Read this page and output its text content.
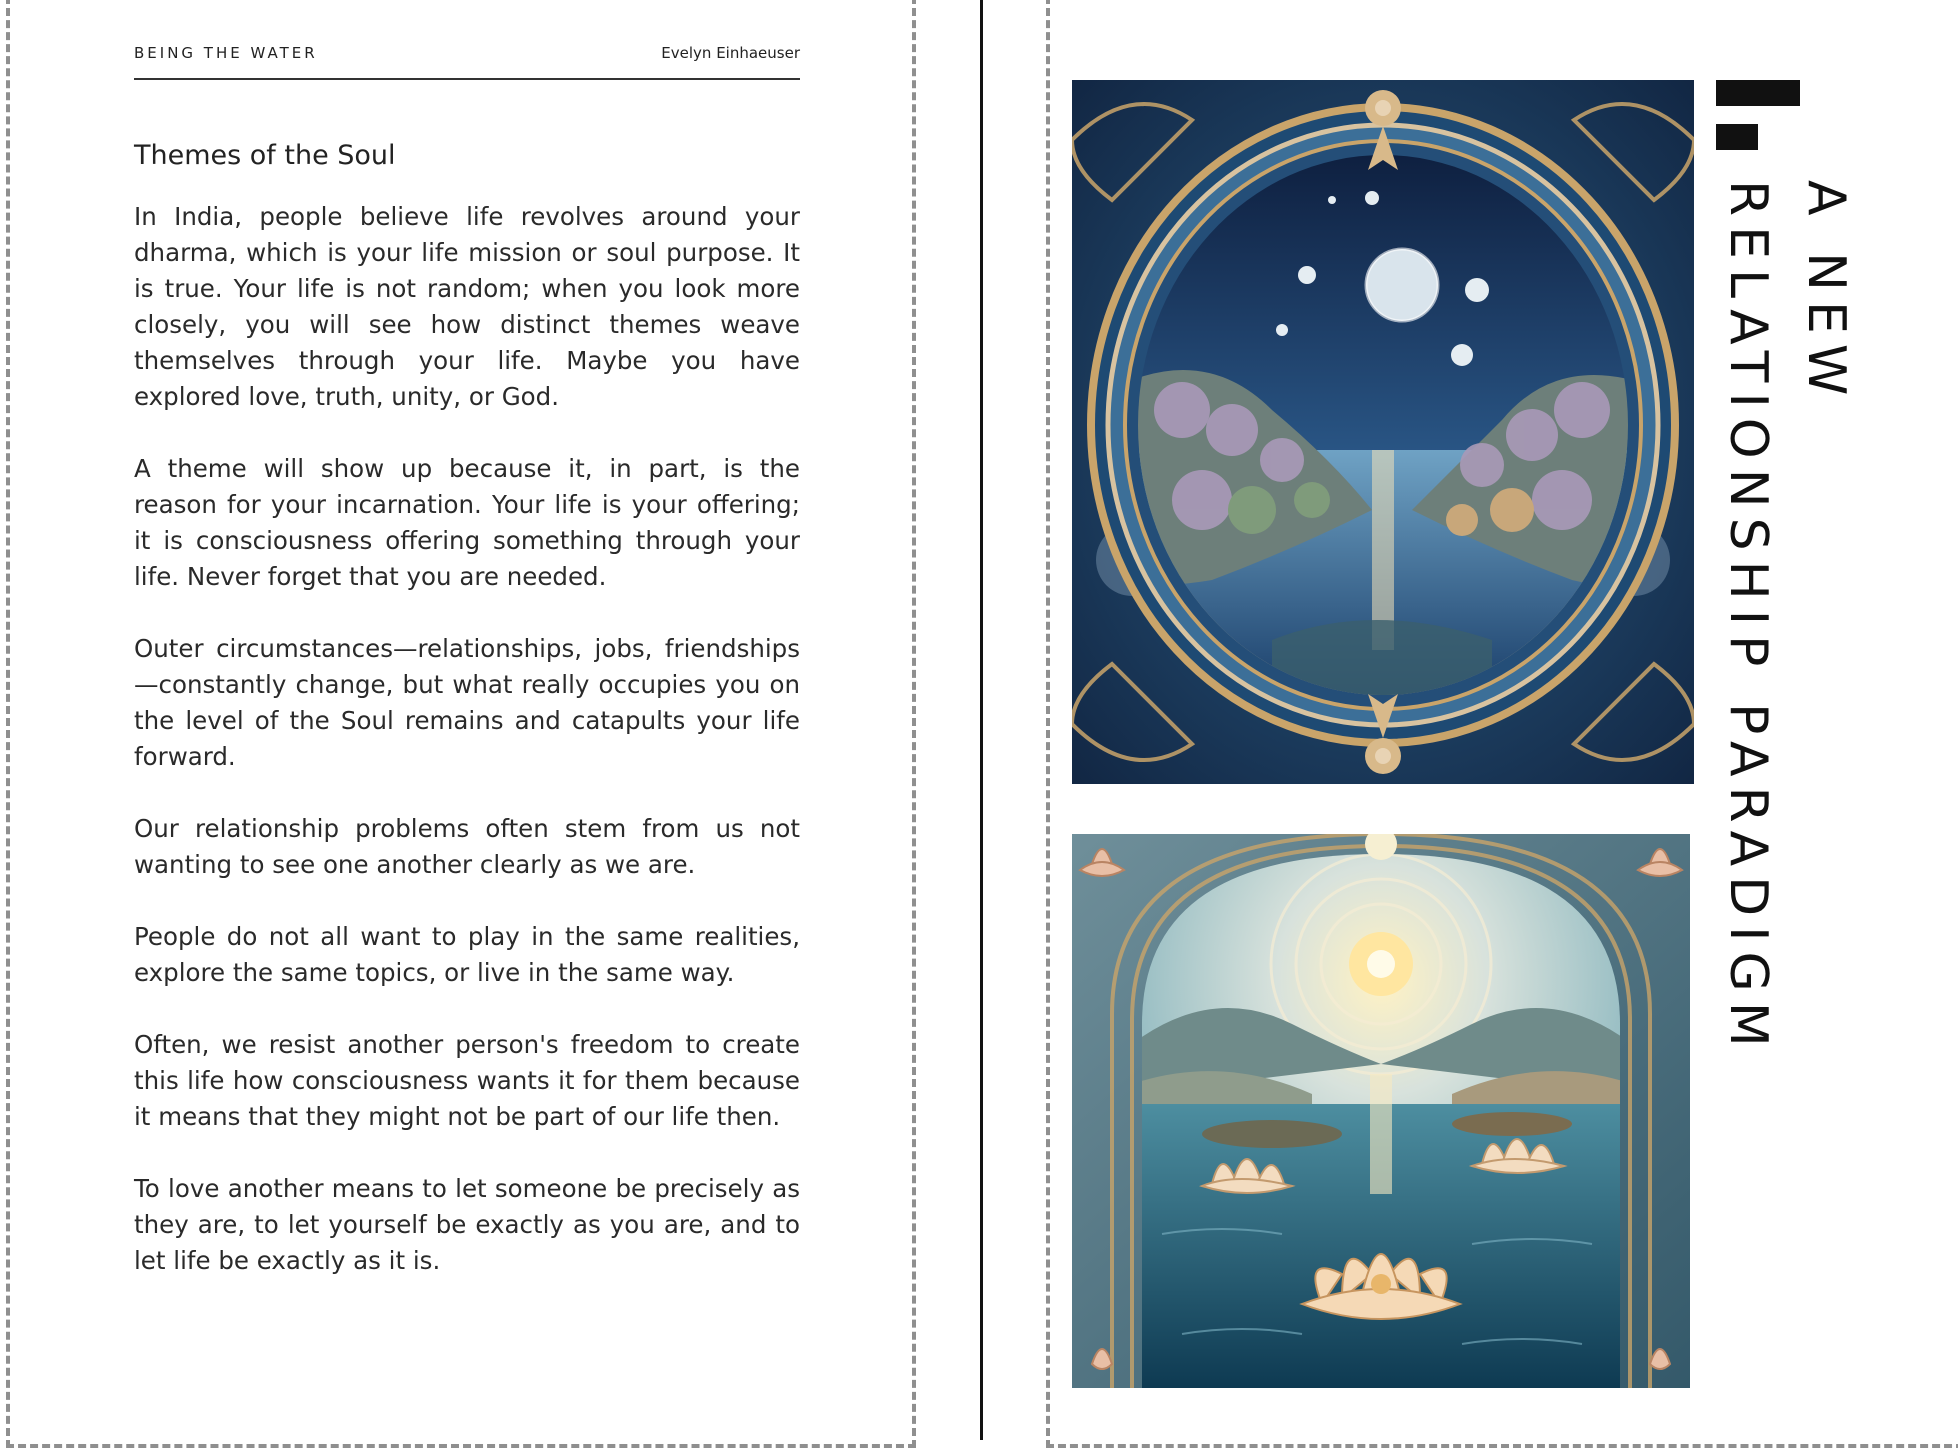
BEING THE WATER	Evelyn Einhaeuser
Themes of the Soul

In India, people believe life revolves around your dharma, which is your life mission or soul purpose. It is true. Your life is not random; when you look more closely, you will see how distinct themes weave themselves through your life. Maybe you have explored love, truth, unity, or God.

A theme will show up because it, in part, is the reason for your incarnation. Your life is your offering; it is consciousness offering something through your life. Never forget that you are needed.

Outer circumstances—relationships, jobs, friendships—constantly change, but what really occupies you on the level of the Soul remains and catapults your life forward.

Our relationship problems often stem from us not wanting to see one another clearly as we are.

People do not all want to play in the same realities, explore the same topics, or live in the same way.

Often, we resist another person's freedom to create this life how consciousness wants it for them because it means that they might not be part of our life then.

To love another means to let someone be precisely as they are, to let yourself be exactly as you are, and to let life be exactly as it is.

A NEW
RELATIONSHIP PARADIGM
